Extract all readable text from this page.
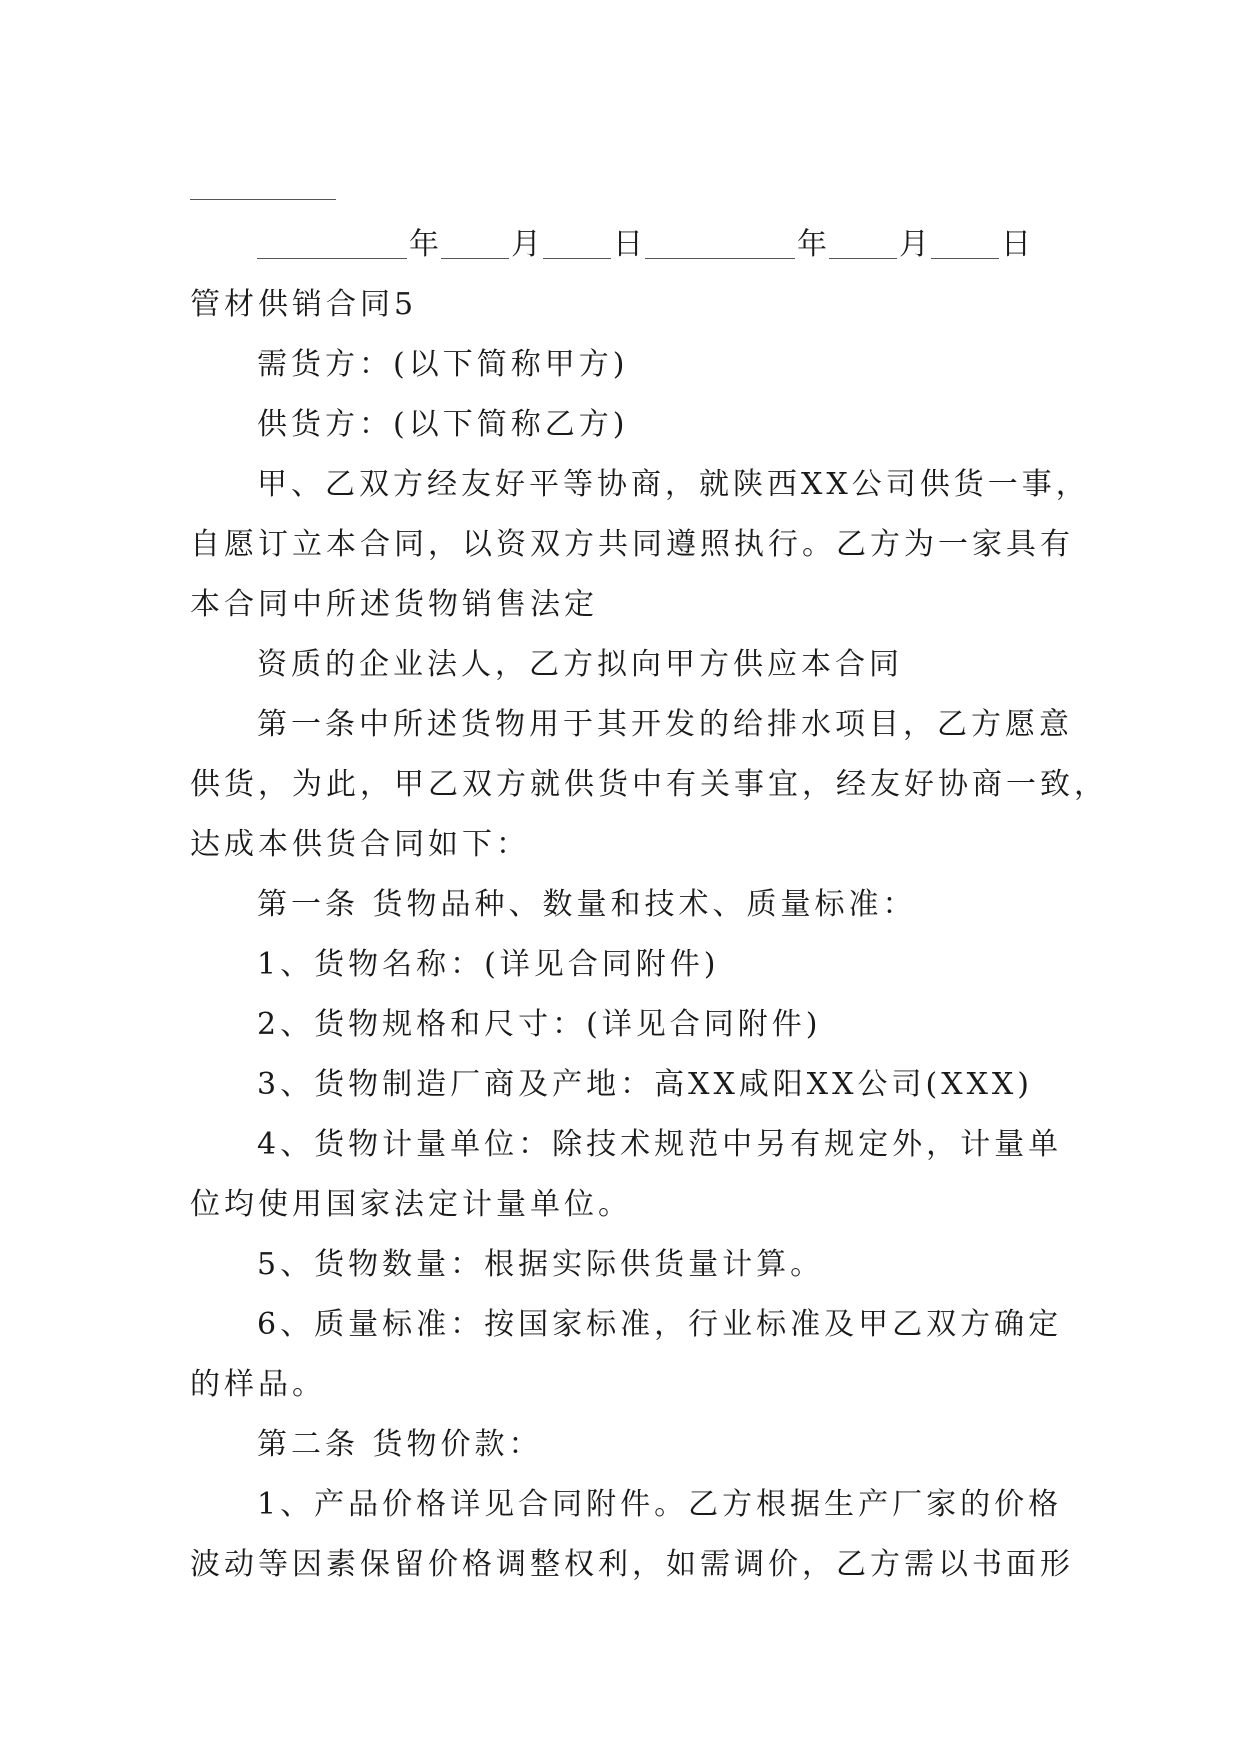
年 月 日	年 月 日
管材供销合同5
需货方：(以下简称甲方)
供货方：(以下简称乙方)
甲、乙双方经友好平等协商，就陕西XX公司供货一事，
自愿订立本合同，以资双方共同遵照执行。乙方为一家具有
本合同中所述货物销售法定
资质的企业法人，乙方拟向甲方供应本合同
第一条中所述货物用于其开发的给排水项目，乙方愿意
供货，为此，甲乙双方就供货中有关事宜，经友好协商一致，
达成本供货合同如下：
第一条 货物品种、数量和技术、质量标准：
1、货物名称：(详见合同附件)
2、货物规格和尺寸：(详见合同附件)
3、货物制造厂商及产地：高XX咸阳XX公司(XXX)
4、货物计量单位：除技术规范中另有规定外，计量单
位均使用国家法定计量单位。
5、货物数量：根据实际供货量计算。
6、质量标准：按国家标准，行业标准及甲乙双方确定
的样品。
第二条 货物价款：
1、产品价格详见合同附件。乙方根据生产厂家的价格
波动等因素保留价格调整权利，如需调价，乙方需以书面形
